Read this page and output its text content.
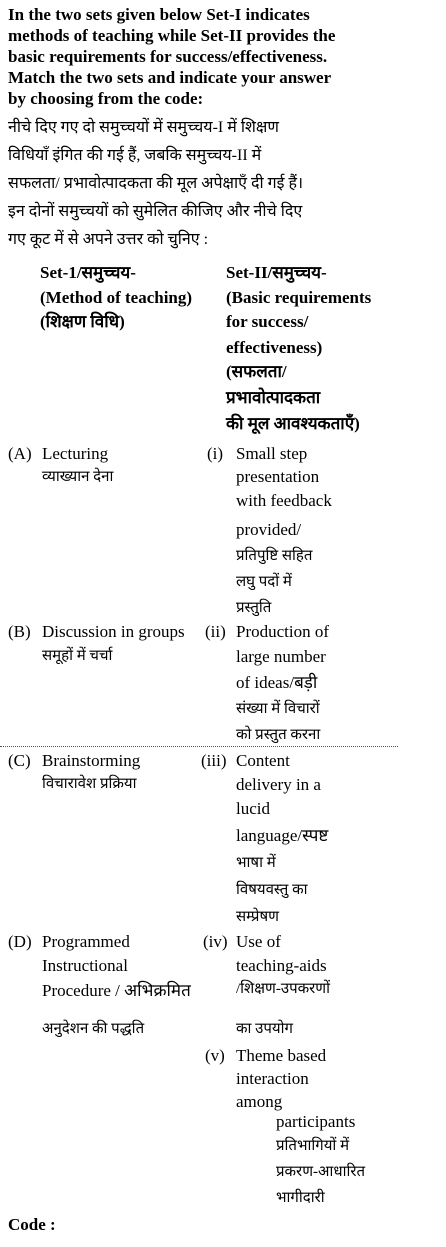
In the two sets given below Set-I indicates
methods of teaching while Set-II provides the
basic requirements for success/effectiveness.
Match the two sets and indicate your answer
by choosing from the code:
नीचे दिए गए दो समुच्चयों में समुच्चय-I में शिक्षण
विधियाँ इंगित की गई हैं, जबकि समुच्चय-II में
सफलता/ प्रभावोत्पादकता की मूल अपेक्षाएँ दी गई हैं।
इन दोनों समुच्चयों को सुमेलित कीजिए और नीचे दिए
गए कूट में से अपने उत्तर को चुनिए :
Set-1/समुच्चय-
(Method of teaching)
(शिक्षण विधि)
Set-II/समुच्चय-
(Basic requirements
for success/
effectiveness)
(सफलता/
प्रभावोत्पादकता
की मूल आवश्यकताएँ)
(A) Lecturing
व्याख्यान देना
(i) Small step
presentation
with feedback
provided/
प्रतिपुष्टि सहित
लघु पदों में
प्रस्तुति
(B) Discussion in groups
समूहों में चर्चा
(ii) Production of
large number
of ideas/बड़ी
संख्या में विचारों
को प्रस्तुत करना
(C) Brainstorming
विचारावेश प्रक्रिया
(iii) Content
delivery in a
lucid
language/स्पष्ट
भाषा में
विषयवस्तु का
सम्प्रेषण
(D) Programmed
Instructional
Procedure / अभिक्रमित
अनुदेशन की पद्धति
(iv) Use of
teaching-aids
/शिक्षण-उपकरणों
का उपयोग
(v) Theme based
interaction
among
participants
प्रतिभागियों में
प्रकरण-आधारित
भागीदारी
Code :
